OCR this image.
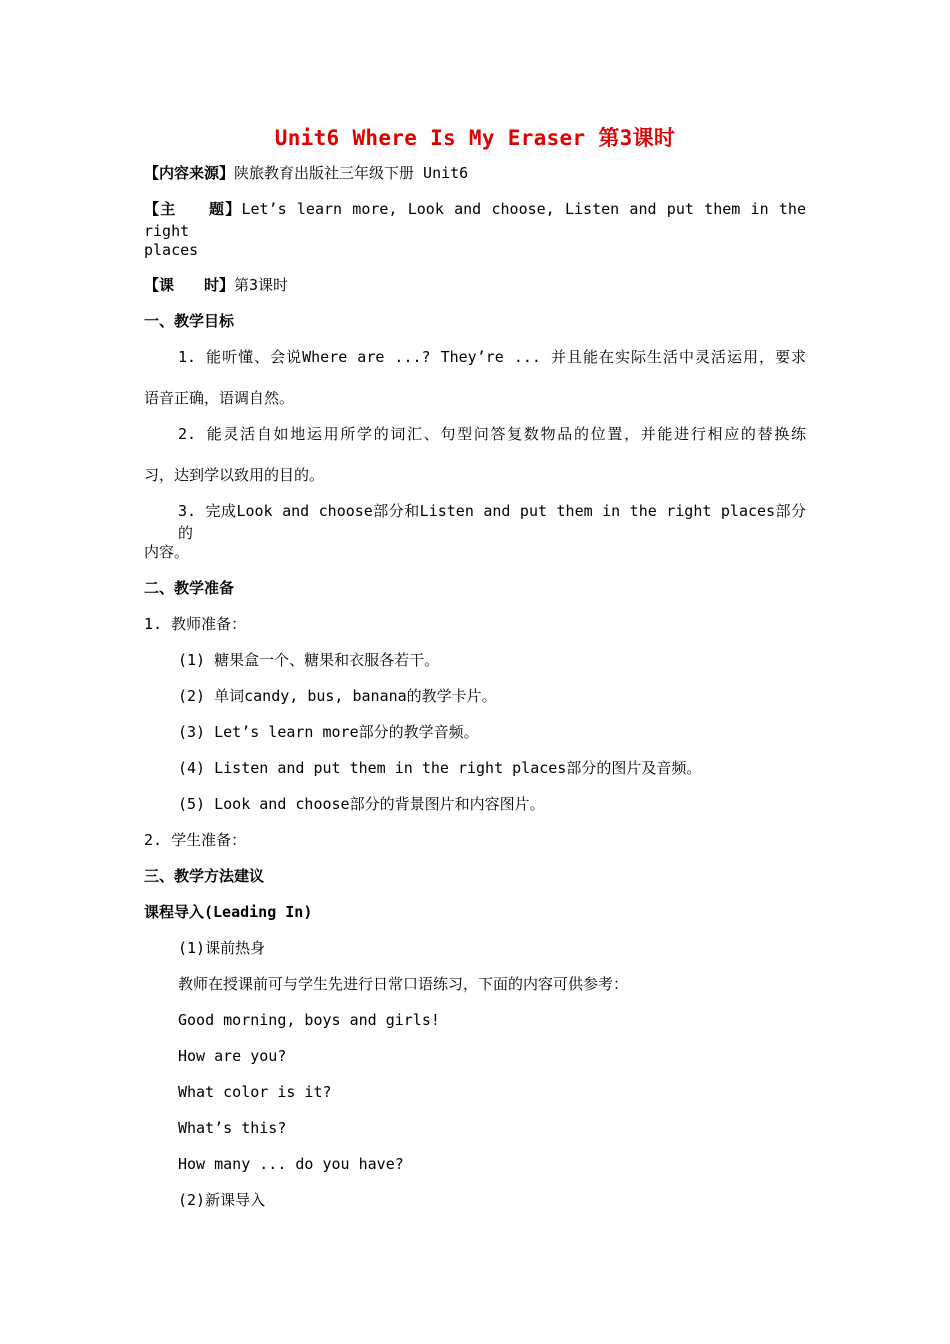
Unit6 Where Is My Eraser 第3课时
【内容来源】陕旅教育出版社三年级下册 Unit6
【主　　题】Let’s learn more, Look and choose, Listen and put them in the right
places
【课　　时】第3课时
一、教学目标
1. 能听懂、会说Where are ...? They’re ... 并且能在实际生活中灵活运用，要求
语音正确，语调自然。
2. 能灵活自如地运用所学的词汇、句型问答复数物品的位置，并能进行相应的替换练
习，达到学以致用的目的。
3. 完成Look and choose部分和Listen and put them in the right places部分的
内容。
二、教学准备
1. 教师准备：
(1) 糖果盒一个、糖果和衣服各若干。
(2) 单词candy, bus, banana的教学卡片。
(3) Let’s learn more部分的教学音频。
(4) Listen and put them in the right places部分的图片及音频。
(5) Look and choose部分的背景图片和内容图片。
2. 学生准备：
三、教学方法建议
课程导入(Leading In)
(1)课前热身
教师在授课前可与学生先进行日常口语练习，下面的内容可供参考：
Good morning, boys and girls!
How are you?
What color is it?
What’s this?
How many ... do you have?
(2)新课导入
